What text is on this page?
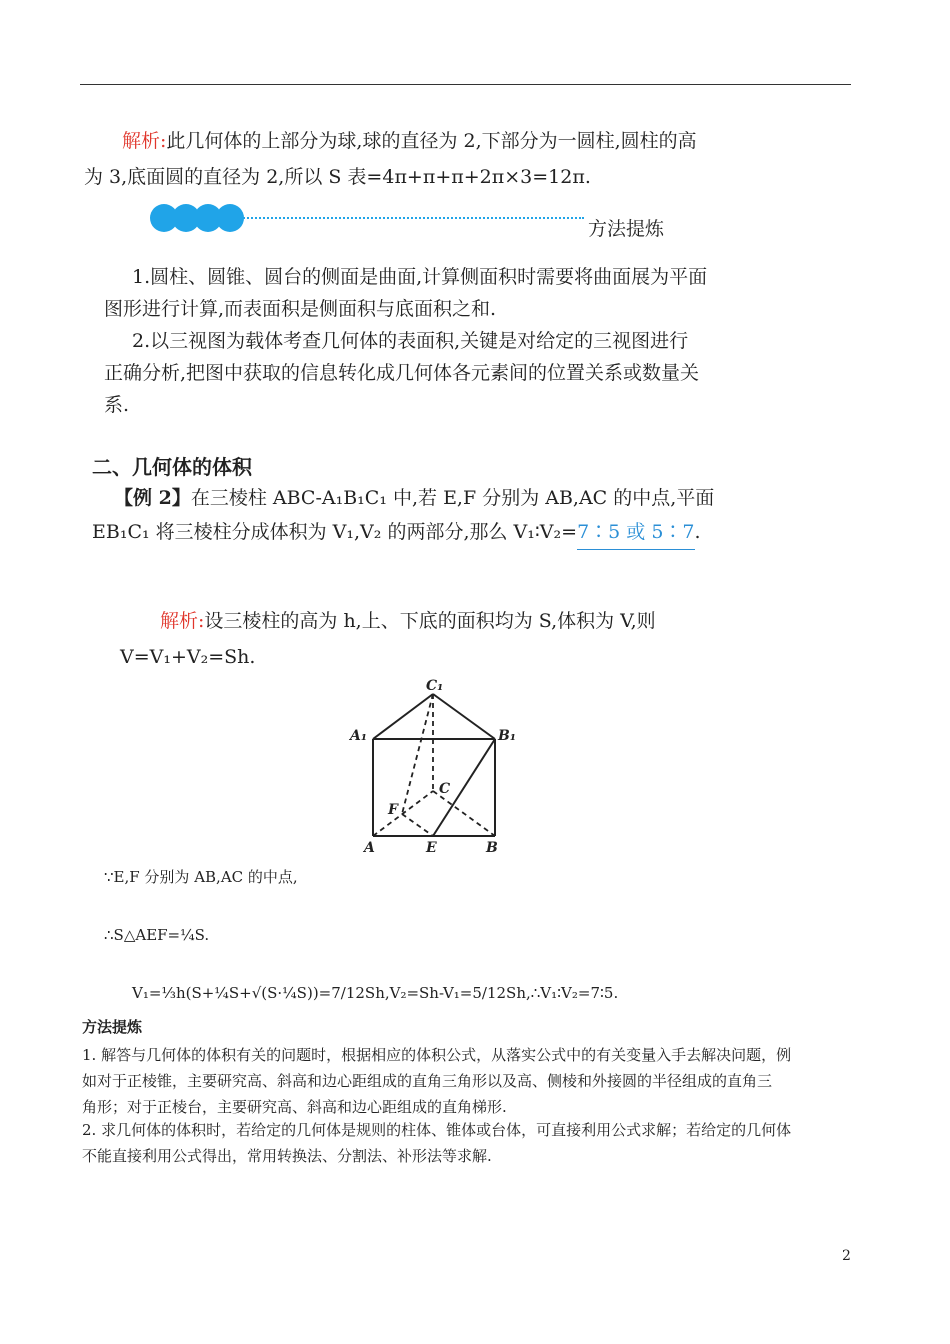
解析:此几何体的上部分为球,球的直径为 2,下部分为一圆柱,圆柱的高
为 3,底面圆的直径为 2,所以 S 表=4π+π+π+2π×3=12π.
方法提炼
1.圆柱、圆锥、圆台的侧面是曲面,计算侧面积时需要将曲面展为平面
图形进行计算,而表面积是侧面积与底面积之和.
2.以三视图为载体考查几何体的表面积,关键是对给定的三视图进行
正确分析,把图中获取的信息转化成几何体各元素间的位置关系或数量关
系.
二、几何体的体积
【例 2】在三棱柱 ABC-A₁B₁C₁ 中,若 E,F 分别为 AB,AC 的中点,平面
EB₁C₁ 将三棱柱分成体积为 V₁,V₂ 的两部分,那么 V₁∶V₂=7∶5 或 5∶7.
解析:设三棱柱的高为 h,上、下底的面积均为 S,体积为 V,则
V=V₁+V₂=Sh.
C₁
A₁	B₁
C
F
A	E	B
∵E,F 分别为 AB,AC 的中点,
∴S△AEF=¼S.
V₁=⅓h(S+¼S+√(S·¼S))=7/12Sh,V₂=Sh-V₁=5/12Sh,∴V₁∶V₂=7∶5.
方法提炼
1. 解答与几何体的体积有关的问题时，根据相应的体积公式，从落实公式中的有关变量入手去解决问题，例
如对于正棱锥，主要研究高、斜高和边心距组成的直角三角形以及高、侧棱和外接圆的半径组成的直角三
角形；对于正棱台，主要研究高、斜高和边心距组成的直角梯形.
2. 求几何体的体积时，若给定的几何体是规则的柱体、锥体或台体，可直接利用公式求解；若给定的几何体
不能直接利用公式得出，常用转换法、分割法、补形法等求解.
2
